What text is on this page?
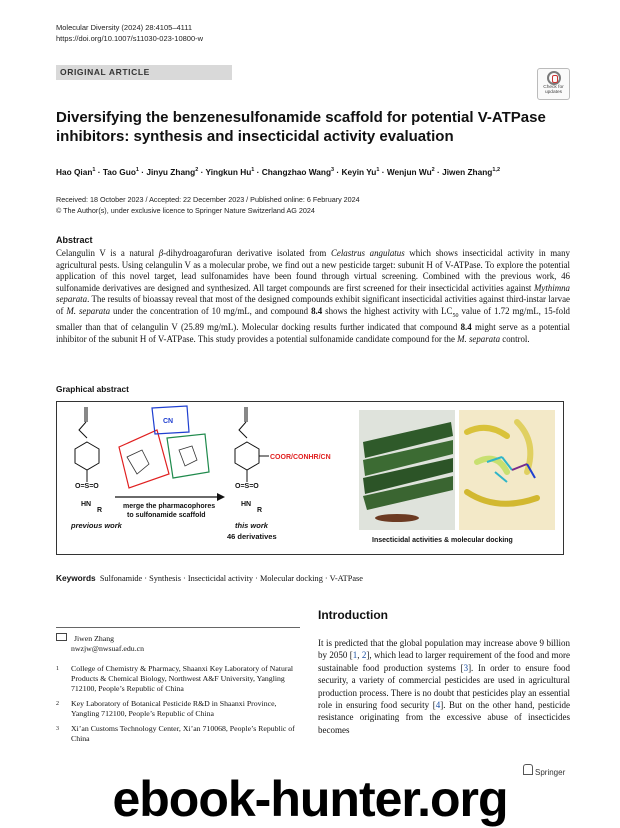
Molecular Diversity (2024) 28:4105–4111
https://doi.org/10.1007/s11030-023-10800-w
ORIGINAL ARTICLE
Check for
updates
Diversifying the benzenesulfonamide scaffold for potential V-ATPase inhibitors: synthesis and insecticidal activity evaluation
Hao Qian$^1$ · Tao Guo$^1$ · Jinyu Zhang$^2$ · Yingkun $Hu^1$ · Changzhao Wang$^3$ · Keyin $Yu^1$ · Wenjun $Wu^2$ · Jiwen Zhang$^{1,2}$
Received: 18 October 2023 / Accepted: 22 December 2023 / Published online: 6 February 2024
© The Author(s), under exclusive licence to Springer Nature Switzerland AG 2024
Abstract
Celangulin V is a natural β-dihydroagarofuran derivative isolated from Celastrus angulatus which shows insecticidal activity in many agricultural pests. Using celangulin V as a molecular probe, we find out a new pesticide target: subunit H of V-ATPase. To explore the potential application of this novel target, lead sulfonamides have been found through virtual screening. Combined with the previous work, 46 sulfonamide derivatives are designed and synthesized. All target compounds are first screened for their insecticidal activities against Mythimna separata. The results of bioassay reveal that most of the designed compounds exhibit significant insecticidal activities against third-instar larvae of M. separata under the concentration of 10 mg/mL, and compound 8.4 shows the highest activity with $LC_{50}$ value of 1.72 mg/mL, 15-fold smaller than that of celangulin V (25.89 mg/mL). Molecular docking results further indicated that compound 8.4 might serve as a potential inhibitor of the subunit H of V-ATPase. This study provides a potential sulfonamide candidate compound for the M. separata control.
Graphical abstract
O=S=O
HN
R
previous work
CN
merge the pharmacophores
to sulfonamide scaffold
COOR/CONHR/CN
O=S=O
HN
R
this work
46 derivatives	Insecticidal activities & molecular docking
Keywords Sulfonamide · Synthesis · Insecticidal activity · Molecular docking · V-ATPase
Jiwen Zhang
nwzjw@nwsuaf.edu.cn
1	College of Chemistry & Pharmacy, Shaanxi Key Laboratory of Natural Products & Chemical Biology, Northwest A&F University, Yangling 712100, People’s Republic of China
2	Key Laboratory of Botanical Pesticide R&D in Shaanxi Province, Yangling 712100, People’s Republic of China
3	Xi’an Customs Technology Center, Xi’an 710068, People’s Republic of China
Introduction
It is predicted that the global population may increase above 9 billion by 2050 [1, 2], which lead to larger requirement of the food and more sustainable food production systems [3]. In order to ensure food security, a variety of commercial pesticides are used in agricultural production process. There is no doubt that pesticides play an essential role in ensuring food security [4]. But on the other hand, pesticide resistance originating from the excessive abuse of insecticides becomes
Springer
ebook-hunter.org
